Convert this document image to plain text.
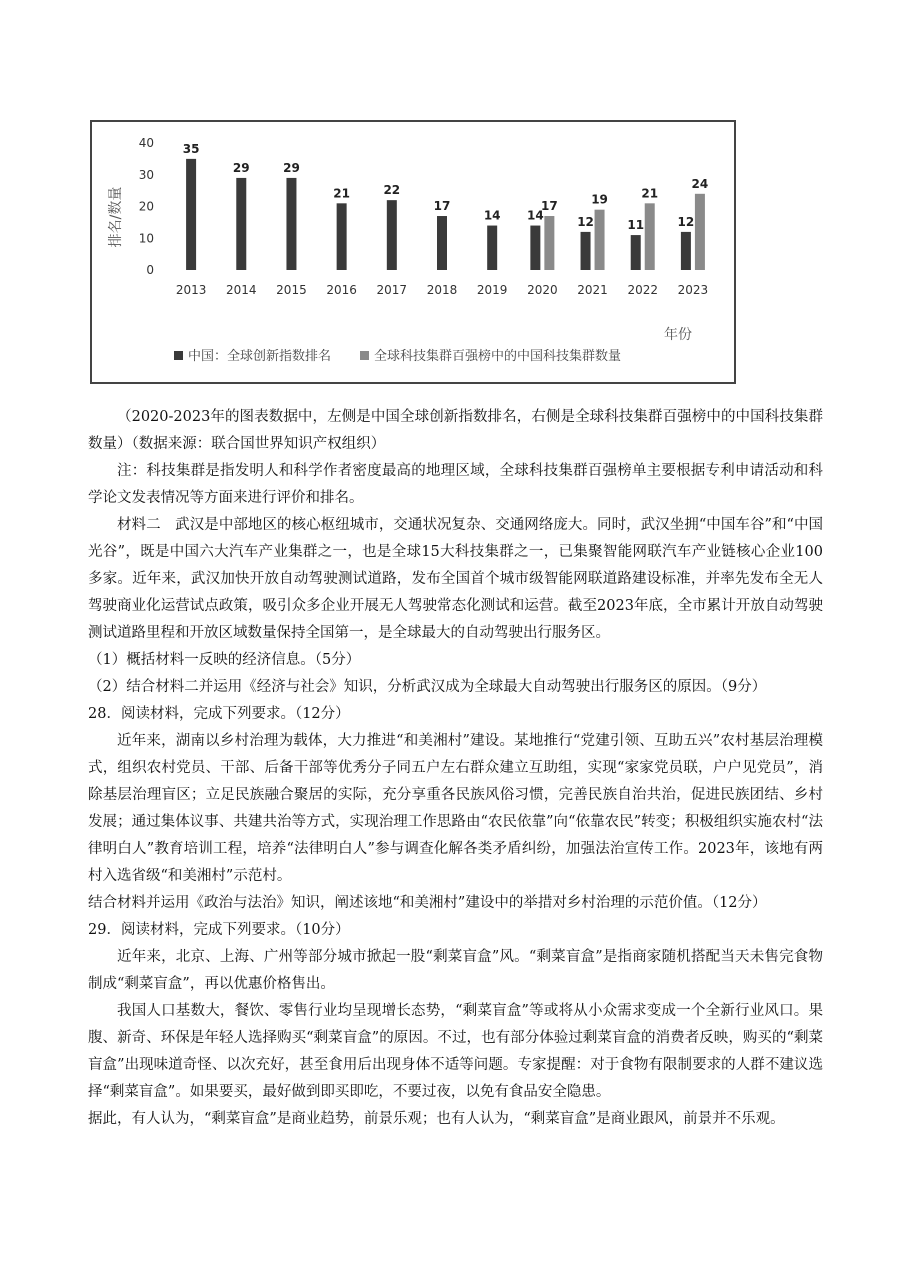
排名/数量
年份
中国：全球创新指数排名	全球科技集群百强榜中的中国科技集群数量
0
10
20
30
40
2013
35
2014
29
2015
29
2016
21
2017
22
2018
17
2019
14
2020
14
17
2021
12
19
2022
11
21
2023
12
24

（2020-2023年的图表数据中，左侧是中国全球创新指数排名，右侧是全球科技集群百强榜中的中国科技集群数量）（数据来源：联合国世界知识产权组织）

注：科技集群是指发明人和科学作者密度最高的地理区域，全球科技集群百强榜单主要根据专利申请活动和科学论文发表情况等方面来进行评价和排名。

材料二　武汉是中部地区的核心枢纽城市，交通状况复杂、交通网络庞大。同时，武汉坐拥“中国车谷”和“中国光谷”，既是中国六大汽车产业集群之一，也是全球15大科技集群之一，已集聚智能网联汽车产业链核心企业100多家。近年来，武汉加快开放自动驾驶测试道路，发布全国首个城市级智能网联道路建设标准，并率先发布全无人驾驶商业化运营试点政策，吸引众多企业开展无人驾驶常态化测试和运营。截至2023年底，全市累计开放自动驾驶测试道路里程和开放区域数量保持全国第一，是全球最大的自动驾驶出行服务区。

（1）概括材料一反映的经济信息。（5分）

（2）结合材料二并运用《经济与社会》知识，分析武汉成为全球最大自动驾驶出行服务区的原因。（9分）

28．阅读材料，完成下列要求。（12分）

近年来，湖南以乡村治理为载体，大力推进“和美湘村”建设。某地推行“党建引领、互助五兴”农村基层治理模式，组织农村党员、干部、后备干部等优秀分子同五户左右群众建立互助组，实现“家家党员联，户户见党员”，消除基层治理盲区；立足民族融合聚居的实际，充分享重各民族风俗习惯，完善民族自治共治，促进民族团结、乡村发展；通过集体议事、共建共治等方式，实现治理工作思路由“农民依靠”向“依靠农民”转变；积极组织实施农村“法律明白人”教育培训工程，培养“法律明白人”参与调查化解各类矛盾纠纷，加强法治宣传工作。2023年，该地有两村入选省级“和美湘村”示范村。

结合材料并运用《政治与法治》知识，阐述该地“和美湘村”建设中的举措对乡村治理的示范价值。（12分）

29．阅读材料，完成下列要求。（10分）

近年来，北京、上海、广州等部分城市掀起一股“剩菜盲盒”风。“剩菜盲盒”是指商家随机搭配当天未售完食物制成“剩菜盲盒”，再以优惠价格售出。

我国人口基数大，餐饮、零售行业均呈现增长态势，“剩菜盲盒”等或将从小众需求变成一个全新行业风口。果腹、新奇、环保是年轻人选择购买“剩菜盲盒”的原因。不过，也有部分体验过剩菜盲盒的消费者反映，购买的“剩菜盲盒”出现味道奇怪、以次充好，甚至食用后出现身体不适等问题。专家提醒：对于食物有限制要求的人群不建议选择“剩菜盲盒”。如果要买，最好做到即买即吃，不要过夜，以免有食品安全隐患。

据此，有人认为，“剩菜盲盒”是商业趋势，前景乐观；也有人认为，“剩菜盲盒”是商业跟风，前景并不乐观。
